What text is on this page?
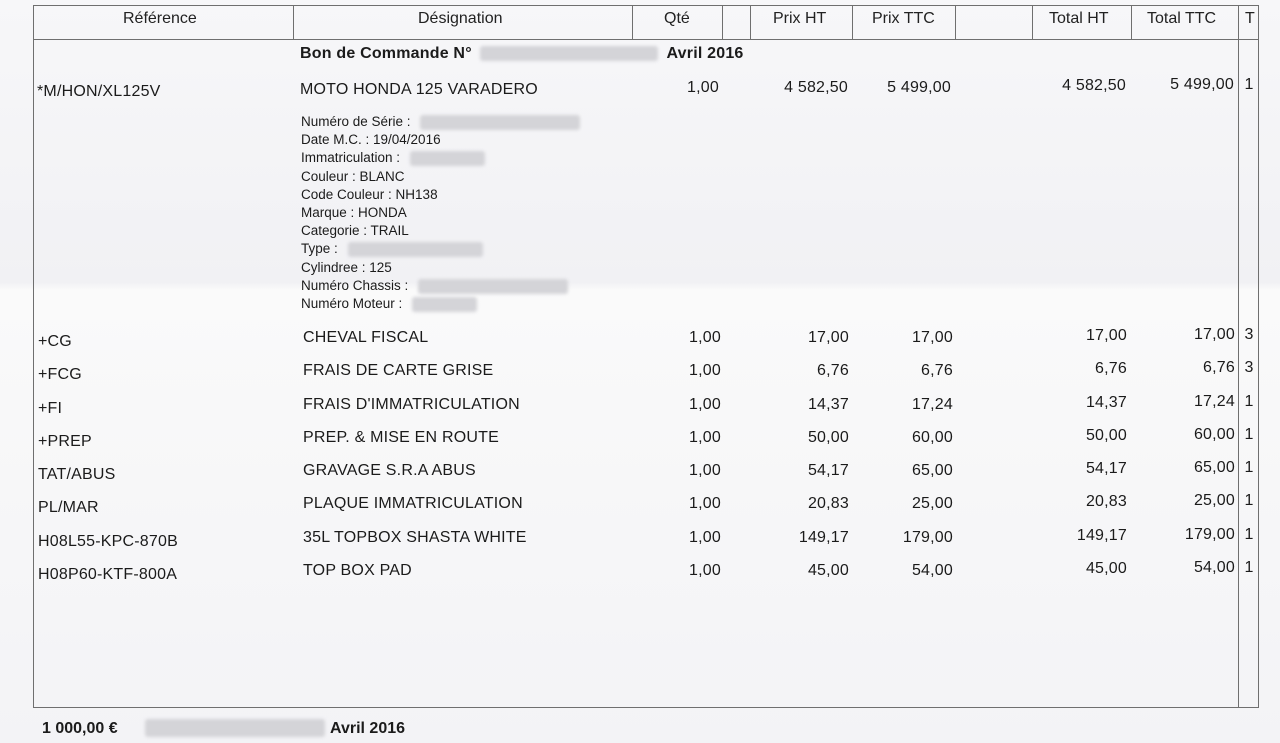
Référence	Désignation	Qté	Prix HT	Prix TTC	Total HT Total TTC T
Bon de Commande N°	Avril 2016
*M/HON/XL125V	MOTO HONDA 125 VARADERO	1,00	4 582,50	5 499,00	4 582,50	5 499,00 1
Numéro de Série :
Date M.C. : 19/04/2016
Immatriculation :
Couleur : BLANC
Code Couleur : NH138
Marque : HONDA
Categorie : TRAIL
Type :
Cylindree : 125
Numéro Chassis :
Numéro Moteur :
+CG	CHEVAL FISCAL	1,00	17,00	17,00	17,00	17,00 3
+FCG	FRAIS DE CARTE GRISE	1,00	6,76	6,76	6,76	6,76 3
+FI	FRAIS D'IMMATRICULATION	1,00	14,37	17,24	14,37	17,24 1
+PREP	PREP. & MISE EN ROUTE	1,00	50,00	60,00	50,00	60,00 1
TAT/ABUS	GRAVAGE S.R.A ABUS	1,00	54,17	65,00	54,17	65,00 1
PL/MAR	PLAQUE IMMATRICULATION	1,00	20,83	25,00	20,83	25,00 1
H08L55-KPC-870B	35L TOPBOX SHASTA WHITE	1,00	149,17	179,00	149,17	179,00 1
H08P60-KTF-800A	TOP BOX PAD	1,00	45,00	54,00	45,00	54,00 1
1 000,00 €	Avril 2016
